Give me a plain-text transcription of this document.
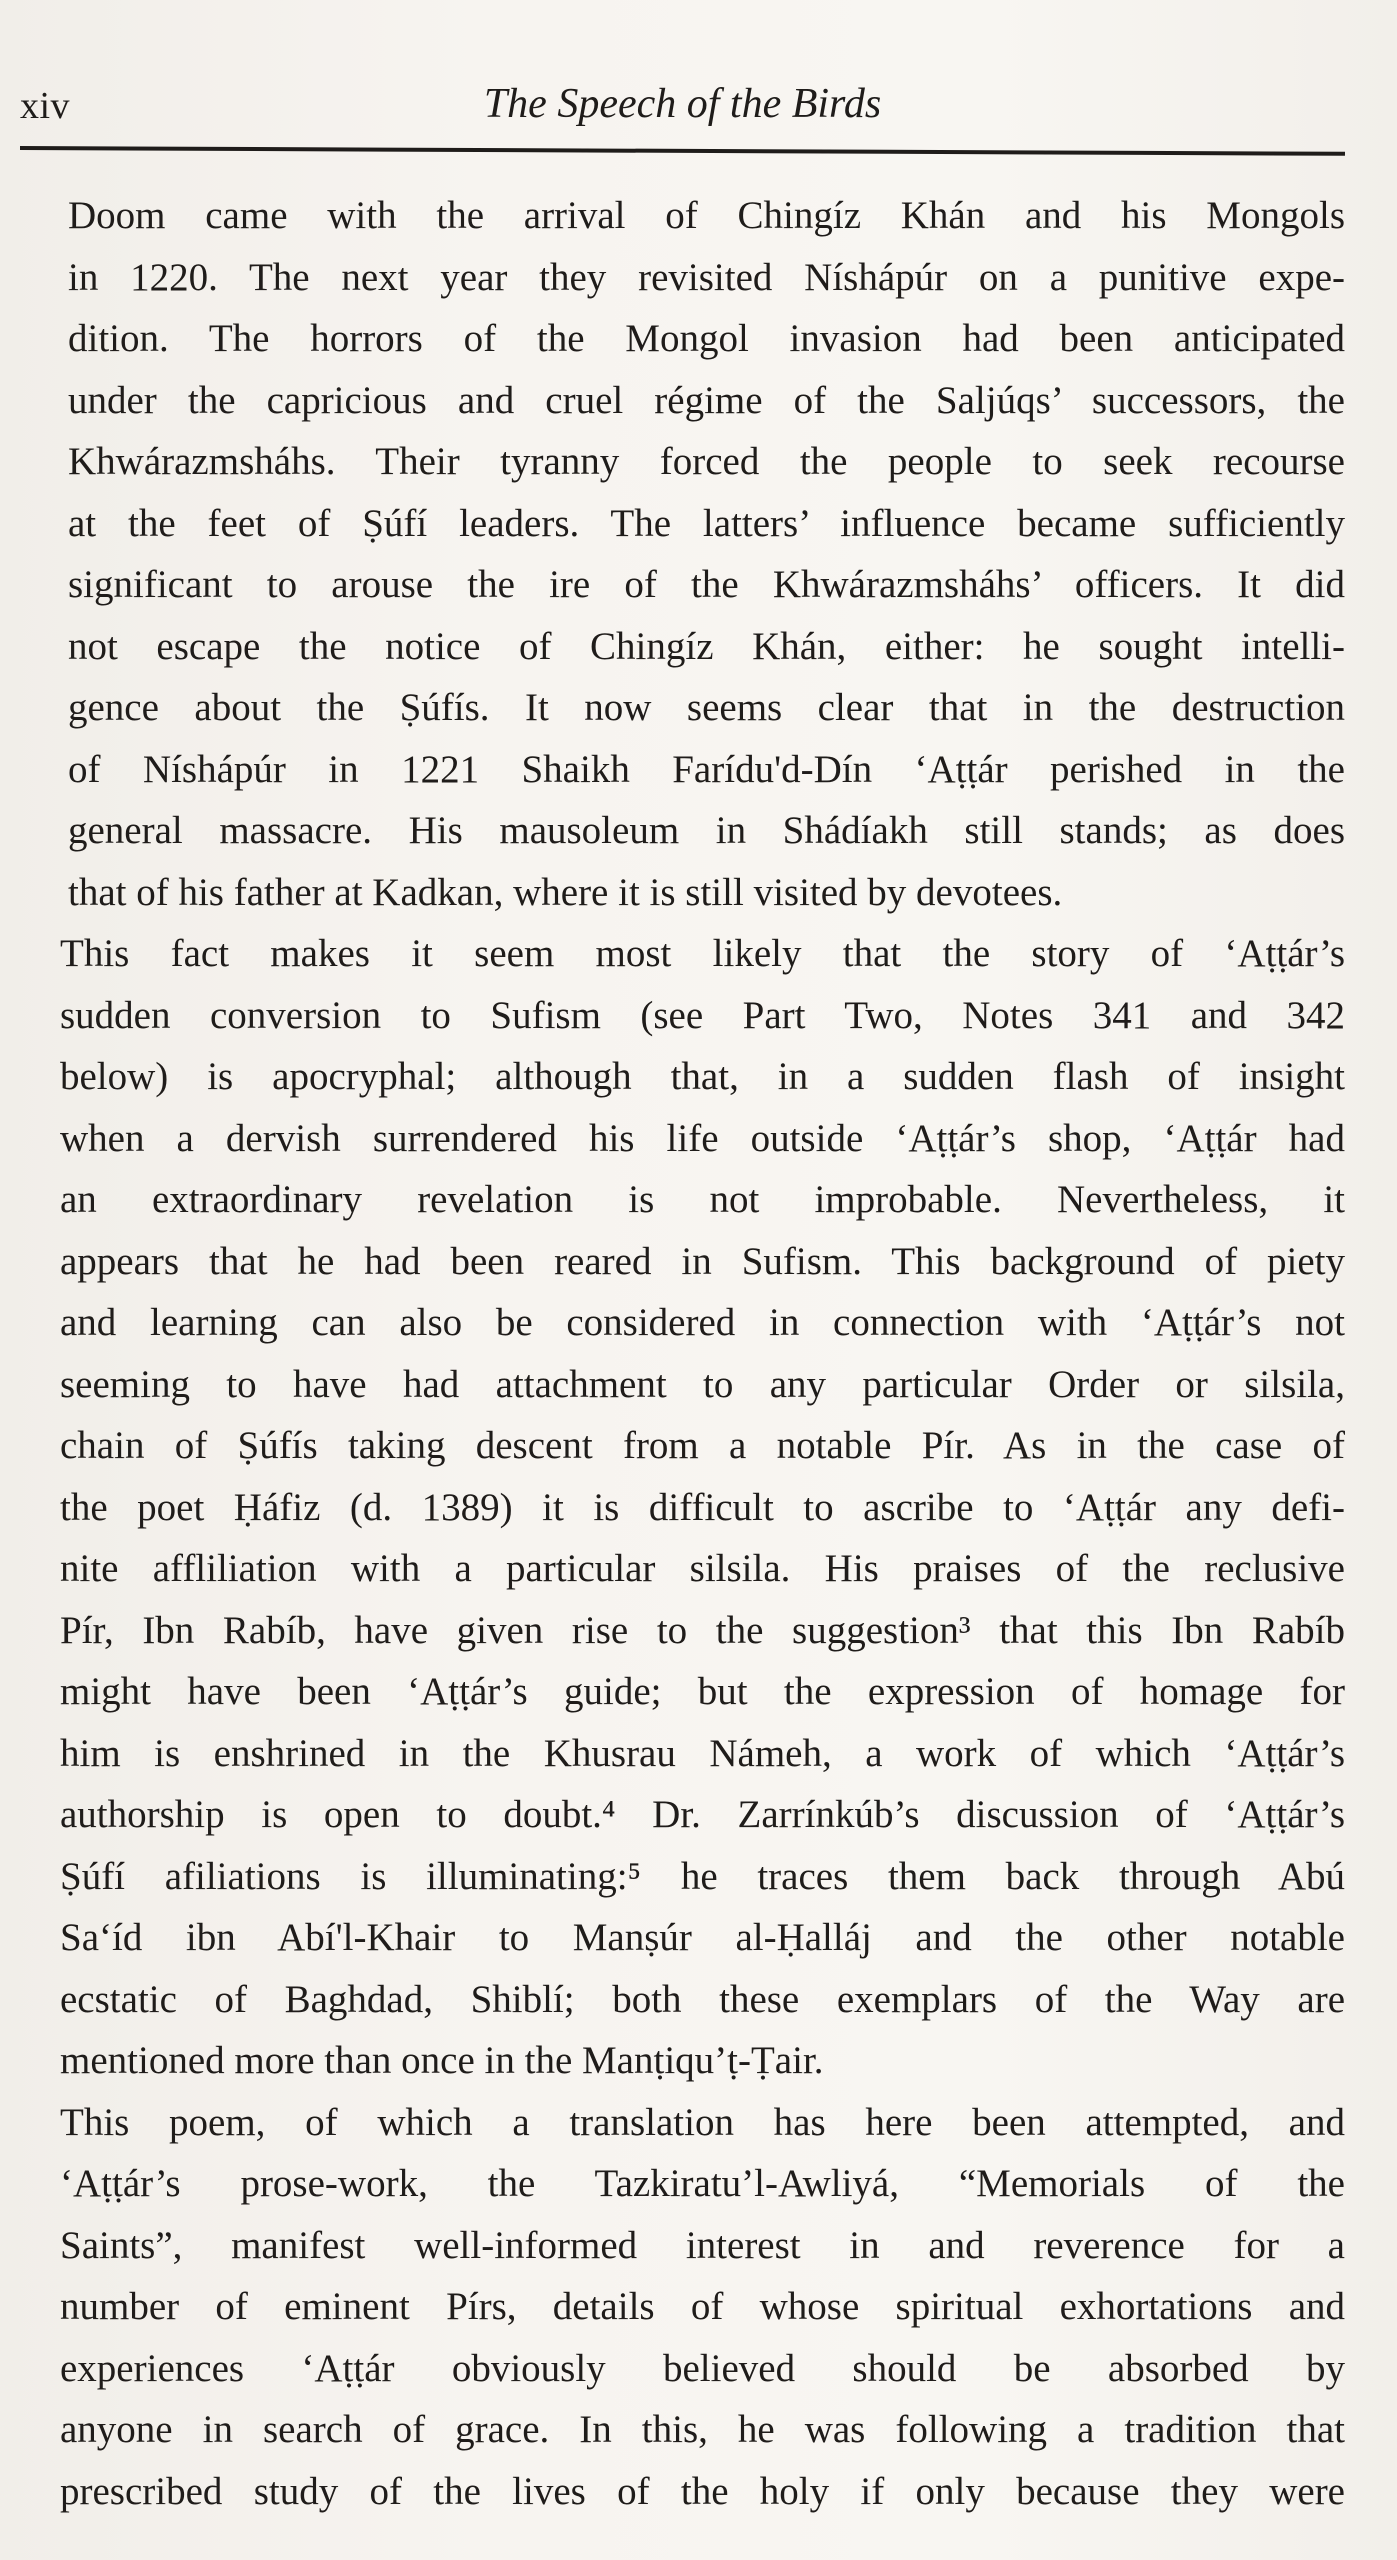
xiv	The Speech of the Birds

Doom came with the arrival of Chingíz Khán and his Mongols
in 1220. The next year they revisited Níshápúr on a punitive expe-
dition. The horrors of the Mongol invasion had been anticipated
under the capricious and cruel régime of the Saljúqs’ successors, the
Khwárazmsháhs. Their tyranny forced the people to seek recourse
at the feet of Ṣúfí leaders. The latters’ influence became sufficiently
significant to arouse the ire of the Khwárazmsháhs’ officers. It did
not escape the notice of Chingíz Khán, either: he sought intelli-
gence about the Ṣúfís. It now seems clear that in the destruction
of Níshápúr in 1221 Shaikh Farídu'd-Dín ‘Aṭṭár perished in the
general massacre. His mausoleum in Shádíakh still stands; as does
that of his father at Kadkan, where it is still visited by devotees.

This fact makes it seem most likely that the story of ‘Aṭṭár’s
sudden conversion to Sufism (see Part Two, Notes 341 and 342
below) is apocryphal; although that, in a sudden flash of insight
when a dervish surrendered his life outside ‘Aṭṭár’s shop, ‘Aṭṭár had
an extraordinary revelation is not improbable. Nevertheless, it
appears that he had been reared in Sufism. This background of piety
and learning can also be considered in connection with ‘Aṭṭár’s not
seeming to have had attachment to any particular Order or silsila,
chain of Ṣúfís taking descent from a notable Pír. As in the case of
the poet Ḥáfiz (d. 1389) it is difficult to ascribe to ‘Aṭṭár any defi-
nite affliliation with a particular silsila. His praises of the reclusive
Pír, Ibn Rabíb, have given rise to the suggestion³ that this Ibn Rabíb
might have been ‘Aṭṭár’s guide; but the expression of homage for
him is enshrined in the Khusrau Námeh, a work of which ‘Aṭṭár’s
authorship is open to doubt.⁴ Dr. Zarrínkúb’s discussion of ‘Aṭṭár’s
Ṣúfí afiliations is illuminating:⁵ he traces them back through Abú
Sa‘íd ibn Abí'l-Khair to Manṣúr al-Ḥalláj and the other notable
ecstatic of Baghdad, Shiblí; both these exemplars of the Way are
mentioned more than once in the Manṭiqu’ṭ-Ṭair.

This poem, of which a translation has here been attempted, and
‘Aṭṭár’s prose-work, the Tazkiratu’l-Awliyá, “Memorials of the
Saints”, manifest well-informed interest in and reverence for a
number of eminent Pírs, details of whose spiritual exhortations and
experiences ‘Aṭṭár obviously believed should be absorbed by
anyone in search of grace. In this, he was following a tradition that
prescribed study of the lives of the holy if only because they were
